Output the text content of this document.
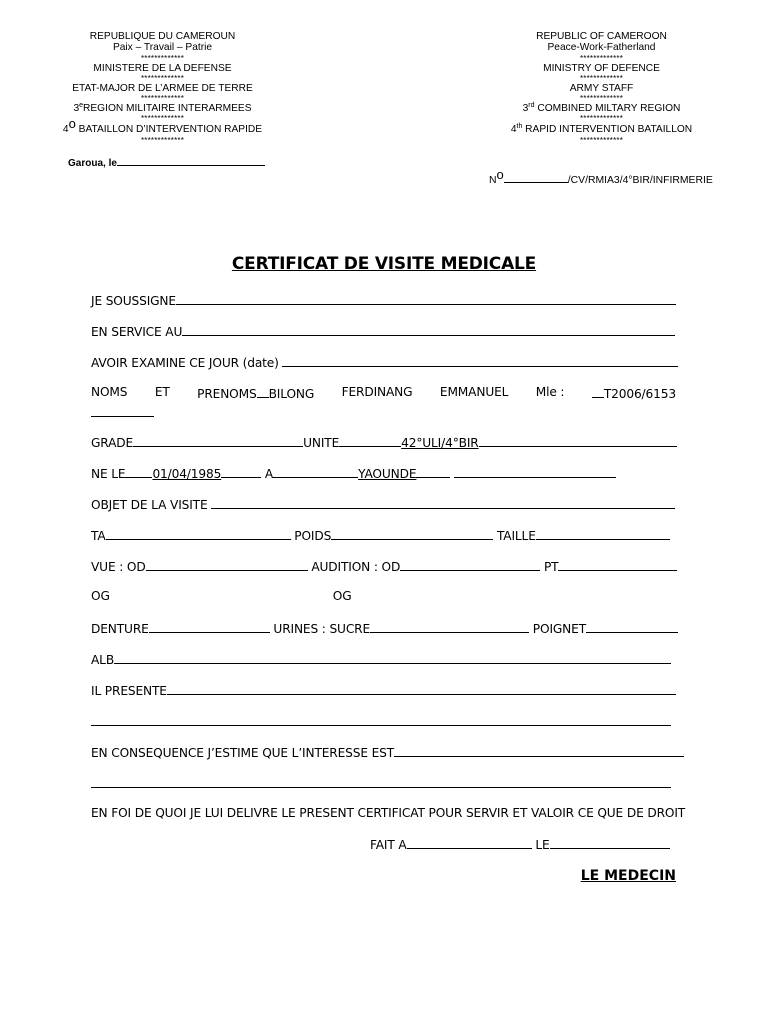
REPUBLIQUE DU CAMEROUN
Paix – Travail – Patrie
*************
MINISTERE DE LA DEFENSE
*************
ETAT-MAJOR DE L’ARMEE DE TERRE
*************
3eREGION MILITAIRE INTERARMEES
*************
4o BATAILLON D’INTERVENTION RAPIDE
*************
Garoua, le
REPUBLIC OF CAMEROON
Peace-Work-Fatherland
*************
MINISTRY OF DEFENCE
*************
ARMY STAFF
*************
3rd COMBINED MILTARY REGION
*************
4th RAPID INTERVENTION BATAILLON
*************
No	/CV/RMIA3/4°BIR/INFIRMERIE
CERTIFICAT DE VISITE MEDICALE
JE SOUSSIGNE
EN SERVICE AU
AVOIR EXAMINE CE JOUR (date)
NOMS ET PRENOMS BILONG FERDINANG EMMANUEL Mle :	T2006/6153
GRADE	UNITE	42°ULI/4°BIR
NE LE 01/04/1985	A	YAOUNDE
OBJET DE LA VISITE
TA	POIDS	TAILLE
VUE : OD	AUDITION : OD	PT
OG	OG
DENTURE	URINES : SUCRE	POIGNET
ALB
IL PRESENTE
EN CONSEQUENCE J’ESTIME QUE L’INTERESSE EST
EN FOI DE QUOI JE LUI DELIVRE LE PRESENT CERTIFICAT POUR SERVIR ET VALOIR CE QUE DE DROIT
FAIT A	LE
LE MEDECIN
